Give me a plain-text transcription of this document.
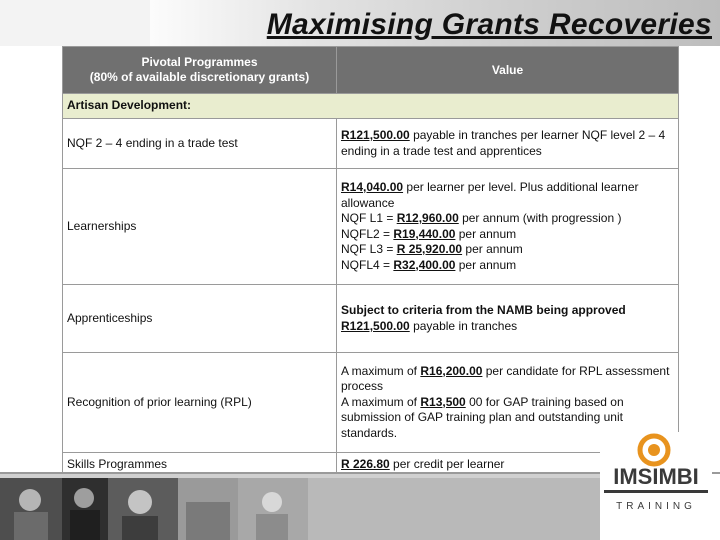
Maximising Grants Recoveries
Pivotal Programmes
(80% of available discretionary grants)	Value
Artisan Development:	
NQF 2 – 4 ending in a trade test	R121,500.00 payable in tranches per learner NQF level 2 – 4 ending in a trade test and apprentices
Learnerships	R14,040.00 per learner per level. Plus additional learner allowance
NQF L1 = R12,960.00 per annum (with progression )
NQFL2 = R19,440.00 per annum
NQF L3 = R 25,920.00 per annum
NQFL4 = R32,400.00 per annum
Apprenticeships	Subject to criteria from the NAMB being approved
R121,500.00 payable in tranches
Recognition of prior learning (RPL)	A maximum of R16,200.00 per candidate for RPL assessment process
A maximum of R13,500 00 for GAP training based on submission of GAP training plan and outstanding unit standards.
Skills Programmes	R 226.80 per credit per learner	IMSIMBI
TRAINING
